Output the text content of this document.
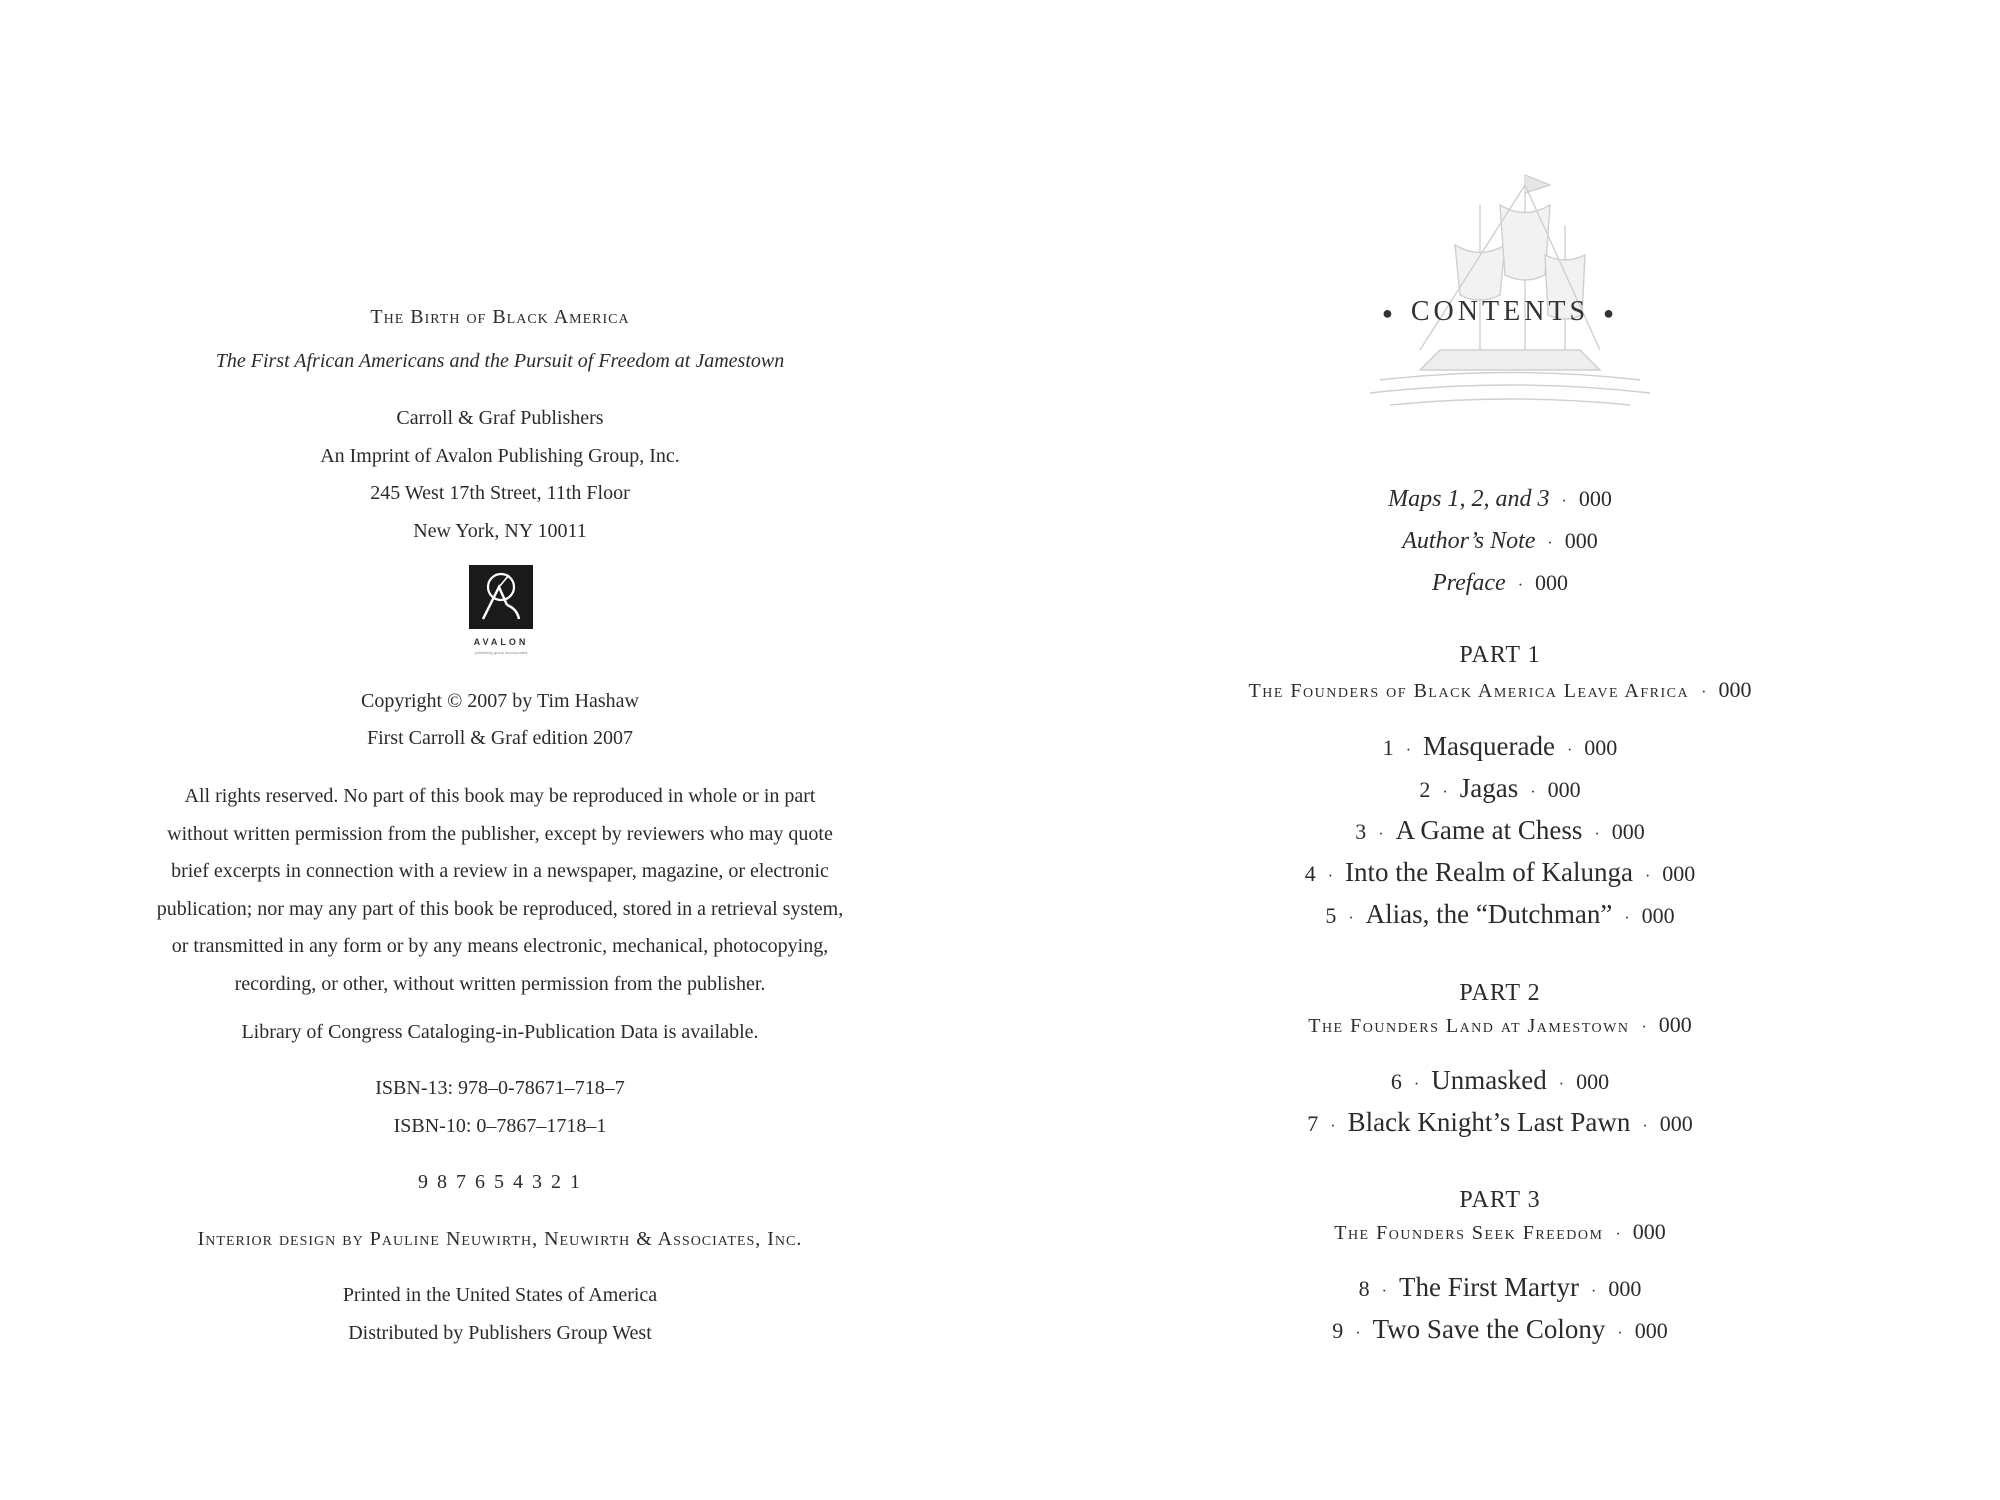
The Birth of Black America
The First African Americans and the Pursuit of Freedom at Jamestown
Carroll & Graf Publishers
An Imprint of Avalon Publishing Group, Inc.
245 West 17th Street, 11th Floor
New York, NY 10011
AVALON
publishing group incorporated
Copyright © 2007 by Tim Hashaw
First Carroll & Graf edition 2007
All rights reserved. No part of this book may be reproduced in whole or in part
without written permission from the publisher, except by reviewers who may quote
brief excerpts in connection with a review in a newspaper, magazine, or electronic
publication; nor may any part of this book be reproduced, stored in a retrieval system,
or transmitted in any form or by any means electronic, mechanical, photocopying,
recording, or other, without written permission from the publisher.
Library of Congress Cataloging-in-Publication Data is available.
ISBN-13: 978–0-78671–718–7
ISBN-10: 0–7867–1718–1
9 8 7 6 5 4 3 2 1
Interior design by Pauline Neuwirth, Neuwirth & Associates, Inc.
Printed in the United States of America
Distributed by Publishers Group West
● CONTENTS ●
Maps 1, 2, and 3 · 000
Author’s Note · 000
Preface · 000
PART 1
The Founders of Black America Leave Africa · 000
1 · Masquerade · 000
2 · Jagas · 000
3 · A Game at Chess · 000
4 · Into the Realm of Kalunga · 000
5 · Alias, the “Dutchman” · 000
PART 2
The Founders Land at Jamestown · 000
6 · Unmasked · 000
7 · Black Knight’s Last Pawn · 000
PART 3
The Founders Seek Freedom · 000
8 · The First Martyr · 000
9 · Two Save the Colony · 000
